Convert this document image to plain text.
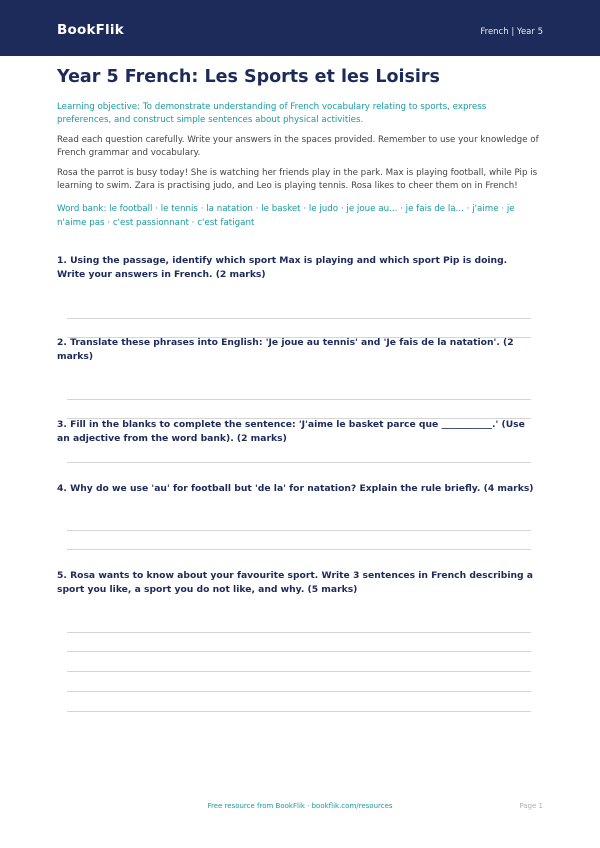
BookFlik	French | Year 5
Year 5 French: Les Sports et les Loisirs
Learning objective: To demonstrate understanding of French vocabulary relating to sports, express preferences, and construct simple sentences about physical activities.

Read each question carefully. Write your answers in the spaces provided. Remember to use your knowledge of French grammar and vocabulary.

Rosa the parrot is busy today! She is watching her friends play in the park. Max is playing football, while Pip is learning to swim. Zara is practising judo, and Leo is playing tennis. Rosa likes to cheer them on in French!

Word bank: le football · le tennis · la natation · le basket · le judo · je joue au... · je fais de la... · j'aime · je n'aime pas · c'est passionnant · c'est fatigant
1. Using the passage, identify which sport Max is playing and which sport Pip is doing. Write your answers in French. (2 marks)
2. Translate these phrases into English: 'Je joue au tennis' and 'Je fais de la natation'. (2 marks)
3. Fill in the blanks to complete the sentence: 'J'aime le basket parce que ___________.' (Use an adjective from the word bank). (2 marks)
4. Why do we use 'au' for football but 'de la' for natation? Explain the rule briefly. (4 marks)
5. Rosa wants to know about your favourite sport. Write 3 sentences in French describing a sport you like, a sport you do not like, and why. (5 marks)
Free resource from BookFlik · bookflik.com/resources	Page 1
